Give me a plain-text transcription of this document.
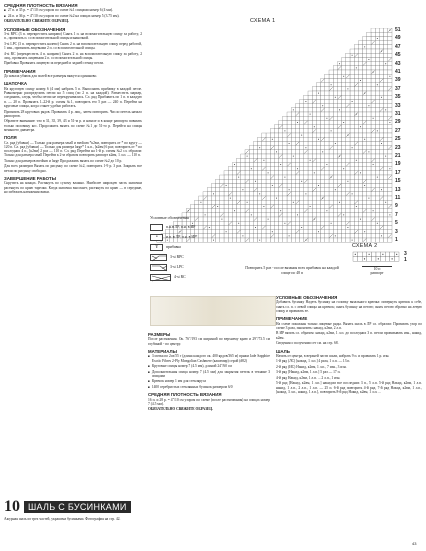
СРЕДНЯЯ ПЛОТНОСТЬ ВЯЗАНИЯ
■ 27 п. и 35 р. = 4"/10 см узором по схеме №1 спицами номер 6 (4 мм).
■ 24 п. и 36 р. = 4"/10 см узором по схеме №2 на спицах номер 5 (3.75 мм).
ОБЯЗАТЕЛЬНО СВЯЖИТЕ ОБРАЗЕЦ.
УСЛОВНЫЕ ОБОЗНАЧЕНИЯ
3-st RPC (3 п. перекрестить направо) Снять 1 п. на вспомогательную спицу за работу, 2 п., провязать п. со вспомогательной спицы изнаночной.
3-st LPC (3 п. перекрестить налево) Снять 2 п. на вспомогательную спицу перед работой, 1 изн., провязать лицевыми 2 п. со вспомогательной спицы.
4-st RC (перекрестить 4 п. направо) Снять 2 п. на вспомогательную спицу за работу, 2 лиц., провязать лицевыми 2 п. со вспомогательной спицы.
Прибавка Провязать лицевую за передней и задней стенку петли.
ПРИМЕЧАНИЯ
До начала убавок для полей все размеры вяжутся одинаково.
ШАПОЧКА
На круговую спицу номер 6 (4 мм) набрать 5 п. Выполнить прибавку в каждой петле. Равномерно распределить петли на 5 спиц (по 2 п. на каждой). Разместить маркер, соединить, следя, чтобы петли не перекручивались. Сл. ряд Прибавить по 1 п. в каждую п. — 20 п. Провязать 1–22-й р. схемы №1, повторить его 5 раз — 240 п. Перейти на круговые спицы, когда станет удобно работать.
Провязать 28 круговых рядов. Провязать 4 р. лиц., затем повторить. Число петель начало раппортов.
Обратите внимание: что в 31, 35, 39, 43 и 51-м р. и начале и в конце раппорта повязать только половину кос. Продолжить вязать по схеме №1 до 51-го р. Перейти на спицы меньшего диаметра.
ПОЛЯ
Сл. ряд (убавки) — Только для размера small и medium *к2вм, повторить от * по кругу — 120 п. Сл. ряд (убавки) — Только для размера large* 1 к.п., [к2вм] 6 раз; повторить от * по последних 4 п., [к2вм] 2 раз — 110 п. Сл. ряд Перейти на 1-й р. схемы №2 сл. образом: Только для размера small Перейти к 2-м образом повторить раппорт к2вм, 1 л.п. — 110 п.
Только для размеров medium и large Продолжить вязать по схеме №2 до 10 р.
Для всех размеров Вязать по рисунку по схеме №2, повторить 1-9 р. 3 раз. Закрыть все петли по рисунку свободно.
ЗАВЕРШЕНИЕ РАБОТЫ
Скрутить на концах. Растянуть по сухому влажно. Наиболее широкую часть шапочки растянуть по краю тарелки. Когда шапочка высохнет, растянуть по краю — в середине, но избежать натяжения вязки.
10 ШАЛЬ С БУСИНКАМИ
Ажурная шаль из трех частей, украшена бусинками. Фотография на стр. 42.
СХЕМА 1
51
49
47
45
43
41
39
37
35
33
31
29
27
25
23
21
19
17
15
13
11
9
7
5
3
1
Условные обозначения
п.н.в ЛР, п.н. в ИР
• и.п. в ЛР, п.н. в ИР
Y прибавка
3-st RPC
3-st LPC
4-st RC
Повторить 5 раз - после вязания всех прибавок на каждой спице по 48 п
СХЕМА 2
3
1
10 п
раппорт
РАЗМЕРЫ
После растяжения. Ок. 76"/193 см шириной по верхнему краю и 29"/73.5 см глубиной - по центру.
МАТЕРИАЛЫ
■ 3 мотка по 2oz/55 г (длина каждого ок. 400 ярдов/365 м) пряжи Jade Sapphire Exotic Fibres 2-Ply Mongolian Cashmere (кашемир) серой (#82)
■ Круговые спицы номер 7 (4.5 мм), длиной 24"/60 см
■ Дополнительная спица номер 7 (4.5 мм) для закрытия петель в технике 3 спицами
■ Крючок номер 1 мм для стеклярусa
■ 1400 серебристых стеклянных бусинок размером 6/0
СРЕДНЯЯ ПЛОТНОСТЬ ВЯЗАНИЯ
16 п. и 28 р. = 4"/10 см узором по схеме (после растягивания) на спицах номер 7 (4.5 мм).
ОБЯЗАТЕЛЬНО СВЯЖИТЕ ОБРАЗЕЦ.
УСЛОВНЫЕ ОБОЗНАЧЕНИЯ
Добавить бусинку Надеть бусинку на головку вязального крючка: повернуть крючок к себе, снять сл. п. с левой спицы на крючок; снять бусинку на петлю; снять петлю обратно на левую спицу и провязать ее.
ПРИМЕЧАНИЕ
На схеме показаны только лицевые ряды. Вязать шаль в ЛР сл. образом: Провязать узор по схеме 3 раза, закончить: накид, к2вм, 2 л.п.
В ИР вязать сл. образом: накид, к2вм, 1 л.п. до последних 3 п. петли провязывать изн., накид, к2вм.
Сведения о получении сет см. на стр. 68.
ШАЛЬ
Начать от центра, в верхней части шали, набрать 9 п. и провязать 1 р. изн.
1-й ряд (ЛС) [накид, 1 л.п.] 4 раза, 1 л.п. — 13 п.
2-й ряд (ИС) Накид, к2вм, 1 л.п., 7 изн., 3 изн.
3-й ряд [Накид, к2вм, 1 л.п.] 5 раз — 17 п.
4-й ряд Накид, к2вм, 1 л.п. ... 2 л.п., 1 изн.
5-й ряд [Накид, к2вм, 1 л.п.] накидом все последних 3 п., 5 л.п. 5-й ряд Накид, к2вм, 1 л.п. накид, 1 л.п., 2 л.п., 1 л.п. — 25 п. 6-й ряд повторить 4-й ряд. 7-й ряд Накид, к2вм, 1 л.п., [накид, 3 л.п., накид, 1 л.п.], повторить 8-й ряд Накид, к2вм, 1 л.п. ...
43
